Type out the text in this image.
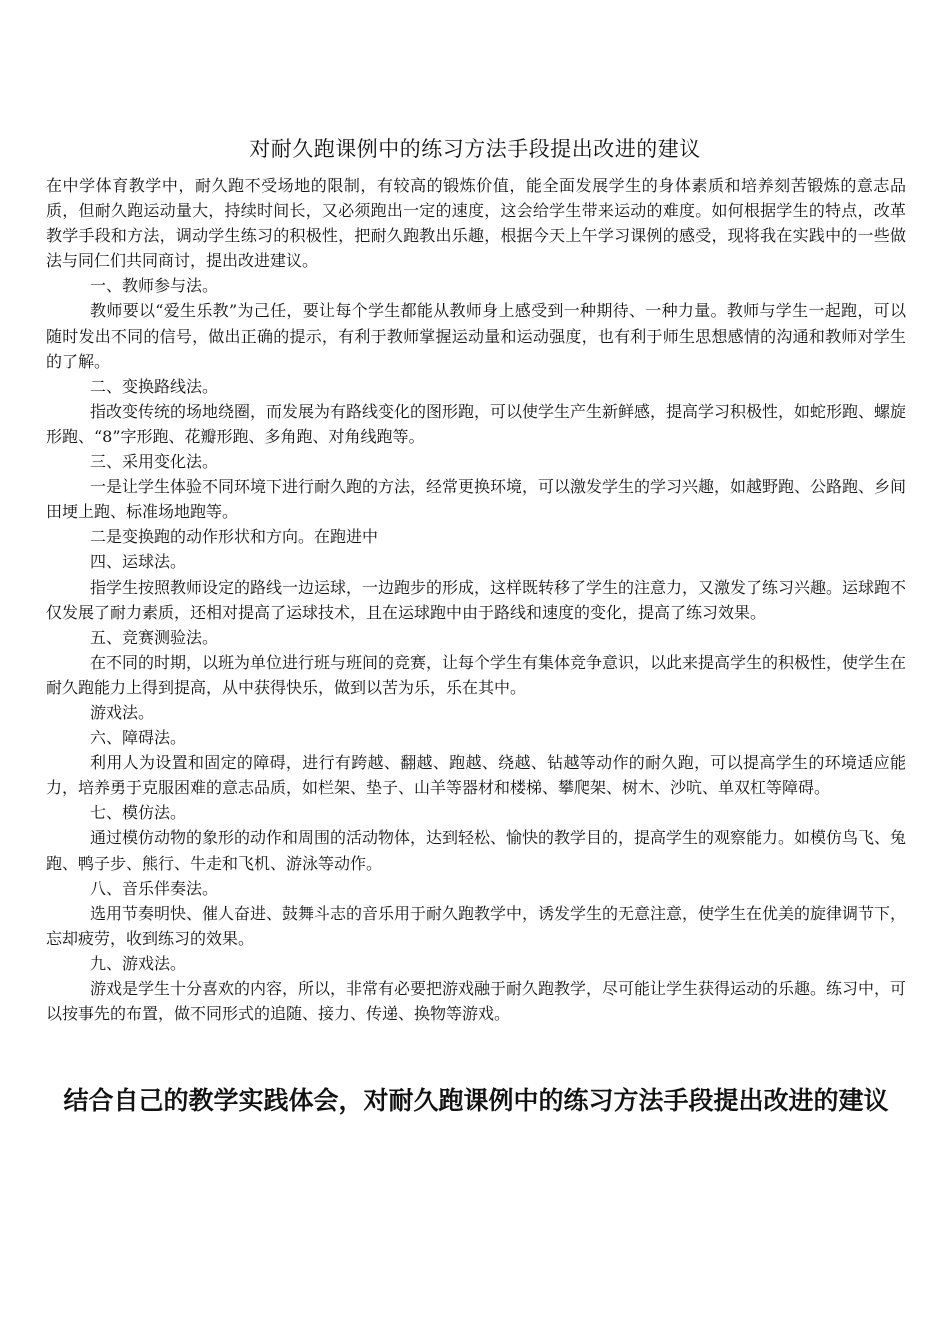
对耐久跑课例中的练习方法手段提出改进的建议

在中学体育教学中，耐久跑不受场地的限制，有较高的锻炼价值，能全面发展学生的身体素质和培养刻苦锻炼的意志品质，但耐久跑运动量大，持续时间长，又必须跑出一定的速度，这会给学生带来运动的难度。如何根据学生的特点，改革教学手段和方法，调动学生练习的积极性，把耐久跑教出乐趣，根据今天上午学习课例的感受，现将我在实践中的一些做法与同仁们共同商讨，提出改进建议。

一、教师参与法。

教师要以“爱生乐教”为己任，要让每个学生都能从教师身上感受到一种期待、一种力量。教师与学生一起跑，可以随时发出不同的信号，做出正确的提示，有利于教师掌握运动量和运动强度，也有利于师生思想感情的沟通和教师对学生的了解。

二、变换路线法。

指改变传统的场地绕圈，而发展为有路线变化的图形跑，可以使学生产生新鲜感，提高学习积极性，如蛇形跑、螺旋形跑、“8”字形跑、花瓣形跑、多角跑、对角线跑等。

三、采用变化法。

一是让学生体验不同环境下进行耐久跑的方法，经常更换环境，可以激发学生的学习兴趣，如越野跑、公路跑、乡间田埂上跑、标准场地跑等。

二是变换跑的动作形状和方向。在跑进中

四、运球法。

指学生按照教师设定的路线一边运球，一边跑步的形成，这样既转移了学生的注意力，又激发了练习兴趣。运球跑不仅发展了耐力素质，还相对提高了运球技术，且在运球跑中由于路线和速度的变化，提高了练习效果。

五、竞赛测验法。

在不同的时期，以班为单位进行班与班间的竞赛，让每个学生有集体竞争意识，以此来提高学生的积极性，使学生在耐久跑能力上得到提高，从中获得快乐，做到以苦为乐，乐在其中。

游戏法。

六、障碍法。

利用人为设置和固定的障碍，进行有跨越、翻越、跑越、绕越、钻越等动作的耐久跑，可以提高学生的环境适应能力，培养勇于克服困难的意志品质，如栏架、垫子、山羊等器材和楼梯、攀爬架、树木、沙吭、单双杠等障碍。

七、模仿法。

通过模仿动物的象形的动作和周围的活动物体，达到轻松、愉快的教学目的，提高学生的观察能力。如模仿鸟飞、兔跑、鸭子步、熊行、牛走和飞机、游泳等动作。

八、音乐伴奏法。

选用节奏明快、催人奋进、鼓舞斗志的音乐用于耐久跑教学中，诱发学生的无意注意，使学生在优美的旋律调节下，忘却疲劳，收到练习的效果。

九、游戏法。

游戏是学生十分喜欢的内容，所以，非常有必要把游戏融于耐久跑教学，尽可能让学生获得运动的乐趣。练习中，可以按事先的布置，做不同形式的追随、接力、传递、换物等游戏。

结合自己的教学实践体会，对耐久跑课例中的练习方法手段提出改进的建议
